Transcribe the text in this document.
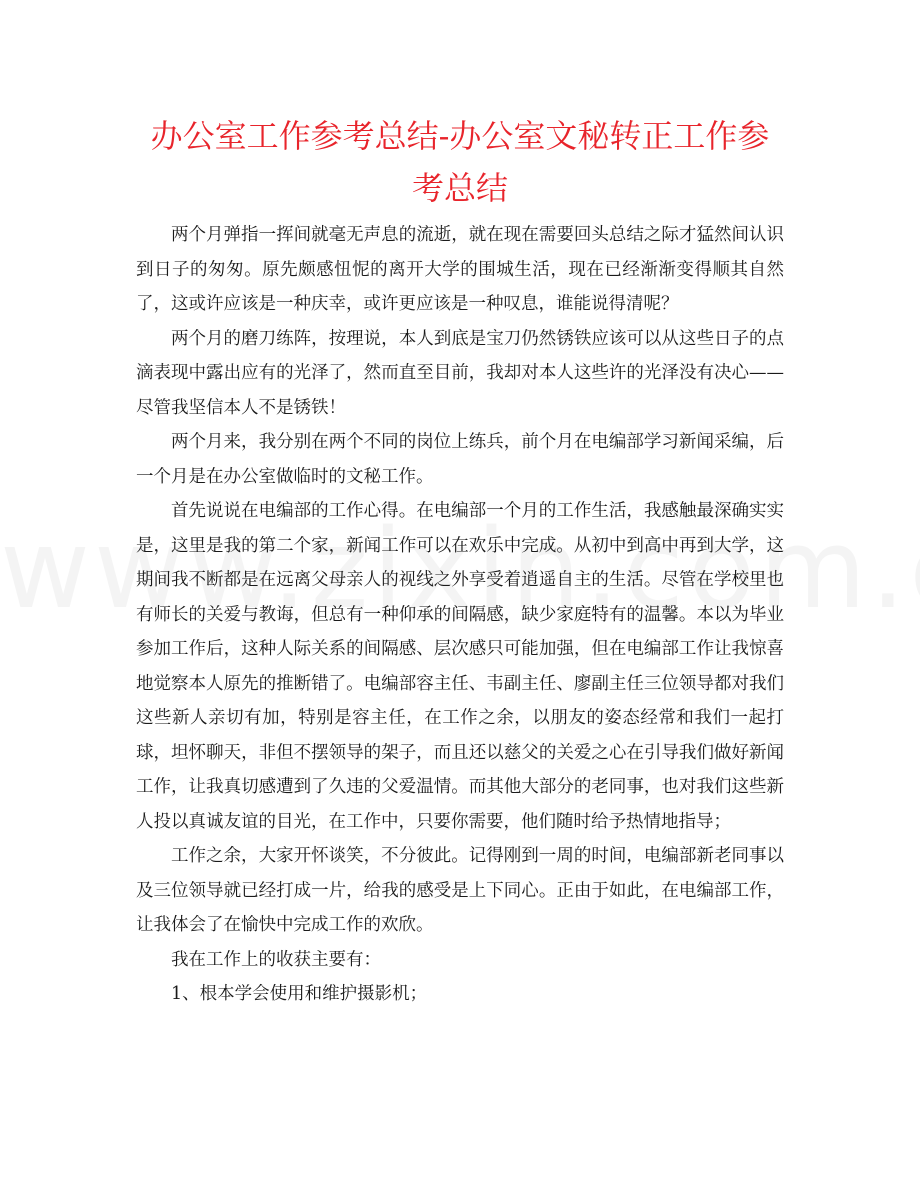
办公室工作参考总结-办公室文秘转正工作参考总结

两个月弹指一挥间就毫无声息的流逝，就在现在需要回头总结之际才猛然间认识到日子的匆匆。原先颇感忸怩的离开大学的围城生活，现在已经渐渐变得顺其自然了，这或许应该是一种庆幸，或许更应该是一种叹息，谁能说得清呢？

两个月的磨刀练阵，按理说，本人到底是宝刀仍然锈铁应该可以从这些日子的点滴表现中露出应有的光泽了，然而直至目前，我却对本人这些许的光泽没有决心——尽管我坚信本人不是锈铁！

两个月来，我分别在两个不同的岗位上练兵，前个月在电编部学习新闻采编，后一个月是在办公室做临时的文秘工作。

首先说说在电编部的工作心得。在电编部一个月的工作生活，我感触最深确实实是，这里是我的第二个家，新闻工作可以在欢乐中完成。从初中到高中再到大学，这期间我不断都是在远离父母亲人的视线之外享受着逍遥自主的生活。尽管在学校里也有师长的关爱与教诲，但总有一种仰承的间隔感，缺少家庭特有的温馨。本以为毕业参加工作后，这种人际关系的间隔感、层次感只可能加强，但在电编部工作让我惊喜地觉察本人原先的推断错了。电编部容主任、韦副主任、廖副主任三位领导都对我们这些新人亲切有加，特别是容主任，在工作之余，以朋友的姿态经常和我们一起打球，坦怀聊天，非但不摆领导的架子，而且还以慈父的关爱之心在引导我们做好新闻工作，让我真切感遭到了久违的父爱温情。而其他大部分的老同事，也对我们这些新人投以真诚友谊的目光，在工作中，只要你需要，他们随时给予热情地指导；

工作之余，大家开怀谈笑，不分彼此。记得刚到一周的时间，电编部新老同事以及三位领导就已经打成一片，给我的感受是上下同心。正由于如此，在电编部工作，让我体会了在愉快中完成工作的欢欣。

我在工作上的收获主要有：

1、根本学会使用和维护摄影机；
